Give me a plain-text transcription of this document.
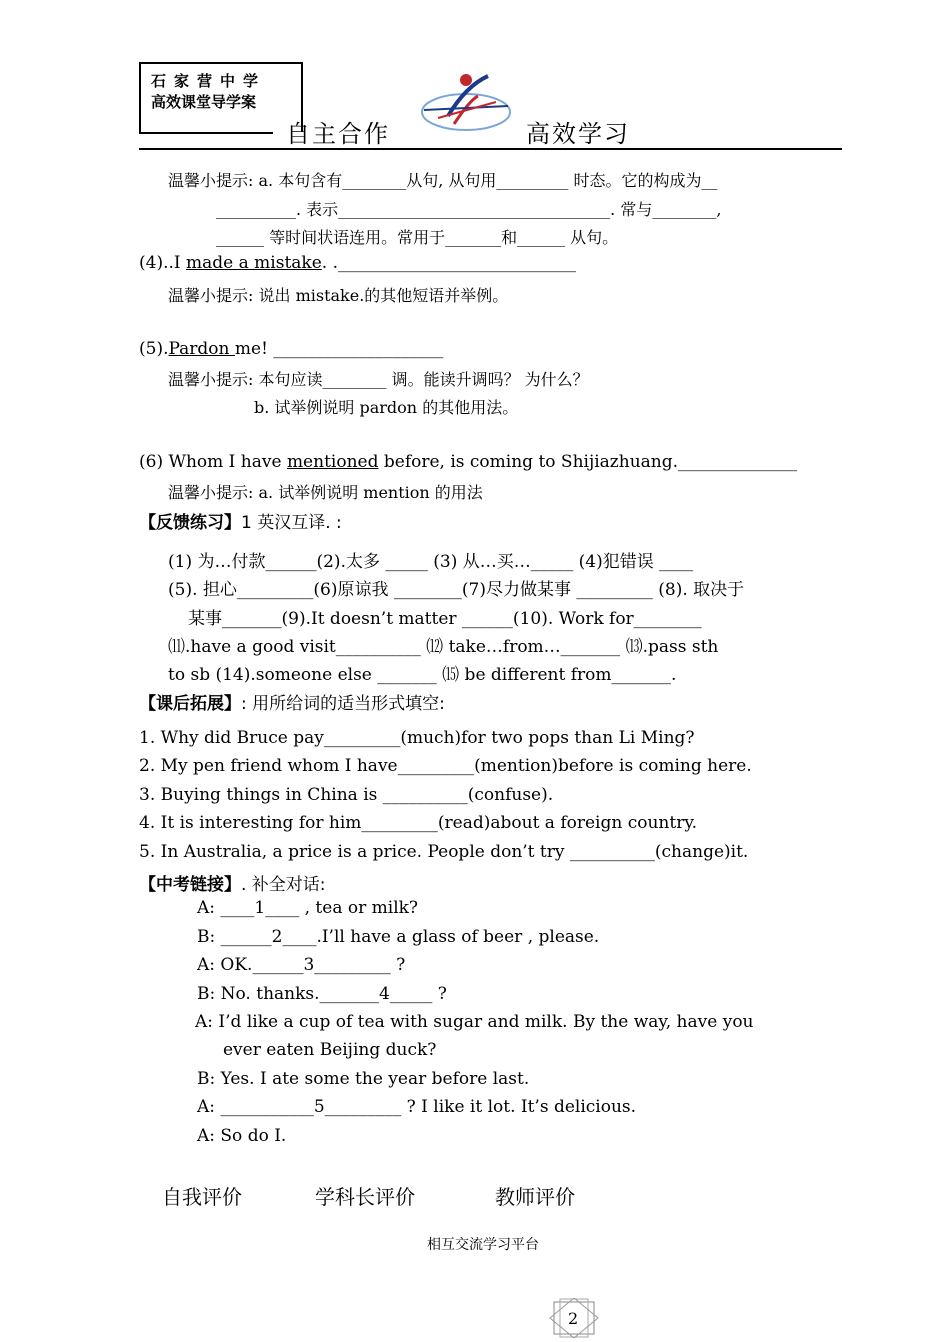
石家营中学
高效课堂导学案
自主合作	高效学习
温馨小提示: a. 本句含有________从句, 从句用_________ 时态。它的构成为__
__________. 表示__________________________________. 常与________,
______ 等时间状语连用。常用于_______和______ 从句。
(4)..I made a mistake. .____________________________
温馨小提示: 说出 mistake.的其他短语并举例。
(5).Pardon me! ____________________
温馨小提示: 本句应读________ 调。能读升调吗？ 为什么？
b. 试举例说明 pardon 的其他用法。
(6) Whom I have mentioned before, is coming to Shijiazhuang.______________
温馨小提示: a. 试举例说明 mention 的用法
【反馈练习】1 英汉互译. :
(1) 为…付款______(2).太多 _____ (3) 从…买…_____ (4)犯错误 ____
(5). 担心_________(6)原谅我 ________(7)尽力做某事 _________ (8). 取决于
某事_______(9).It doesn’t matter ______(10). Work for________
⑾.have a good visit__________ ⑿ take…from…_______ ⒀.pass sth
to sb (14).someone else _______ ⒂ be different from_______.
【课后拓展】: 用所给词的适当形式填空:
1. Why did Bruce pay_________(much)for two pops than Li Ming?
2. My pen friend whom I have_________(mention)before is coming here.
3. Buying things in China is __________(confuse).
4. It is interesting for him_________(read)about a foreign country.
5. In Australia, a price is a price. People don’t try __________(change)it.
【中考链接】. 补全对话:
A: ____1____ , tea or milk?
B: ______2____.I’ll have a glass of beer , please.
A: OK.______3_________ ?
B: No. thanks._______4_____ ?
A: I’d like a cup of tea with sugar and milk. By the way, have you
ever eaten Beijing duck?
B: Yes. I ate some the year before last.
A: ___________5_________ ? I like it lot. It’s delicious.
A: So do I.
自我评价	学科长评价	教师评价
相互交流学习平台
2
